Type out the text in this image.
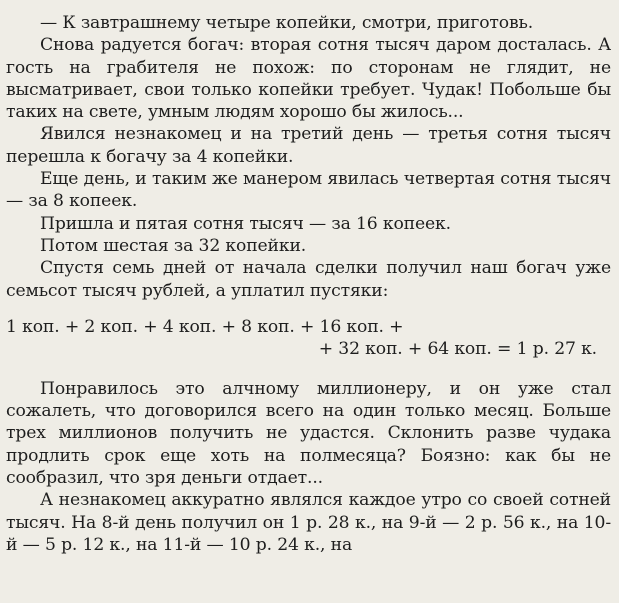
— К завтрашнему четыре копейки, смотри, приготовь.

Снова радуется богач: вторая сотня тысяч даром досталась. А гость на грабителя не похож: по сторонам не глядит, не высматривает, свои только копейки требует. Чудак! Побольше бы таких на свете, умным людям хорошо бы жилось...

Явился незнакомец и на третий день — третья сотня тысяч перешла к богачу за 4 копейки.

Еще день, и таким же манером явилась четвертая сотня тысяч — за 8 копеек.

Пришла и пятая сотня тысяч — за 16 копеек.

Потом шестая за 32 копейки.

Спустя семь дней от начала сделки получил наш богач уже семьсот тысяч рублей, а уплатил пустяки:

1 коп. + 2 коп. + 4 коп. + 8 коп. + 16 коп. +
+ 32 коп. + 64 коп. = 1 р. 27 к.

Понравилось это алчному миллионеру, и он уже стал сожалеть, что договорился всего на один только месяц. Больше трех миллионов получить не удастся. Склонить разве чудака продлить срок еще хоть на полмесяца? Боязно: как бы не сообразил, что зря деньги отдает...

А незнакомец аккуратно являлся каждое утро со своей сотней тысяч. На 8-й день получил он 1 р. 28 к., на 9-й — 2 р. 56 к., на 10-й — 5 р. 12 к., на 11-й — 10 р. 24 к., на
